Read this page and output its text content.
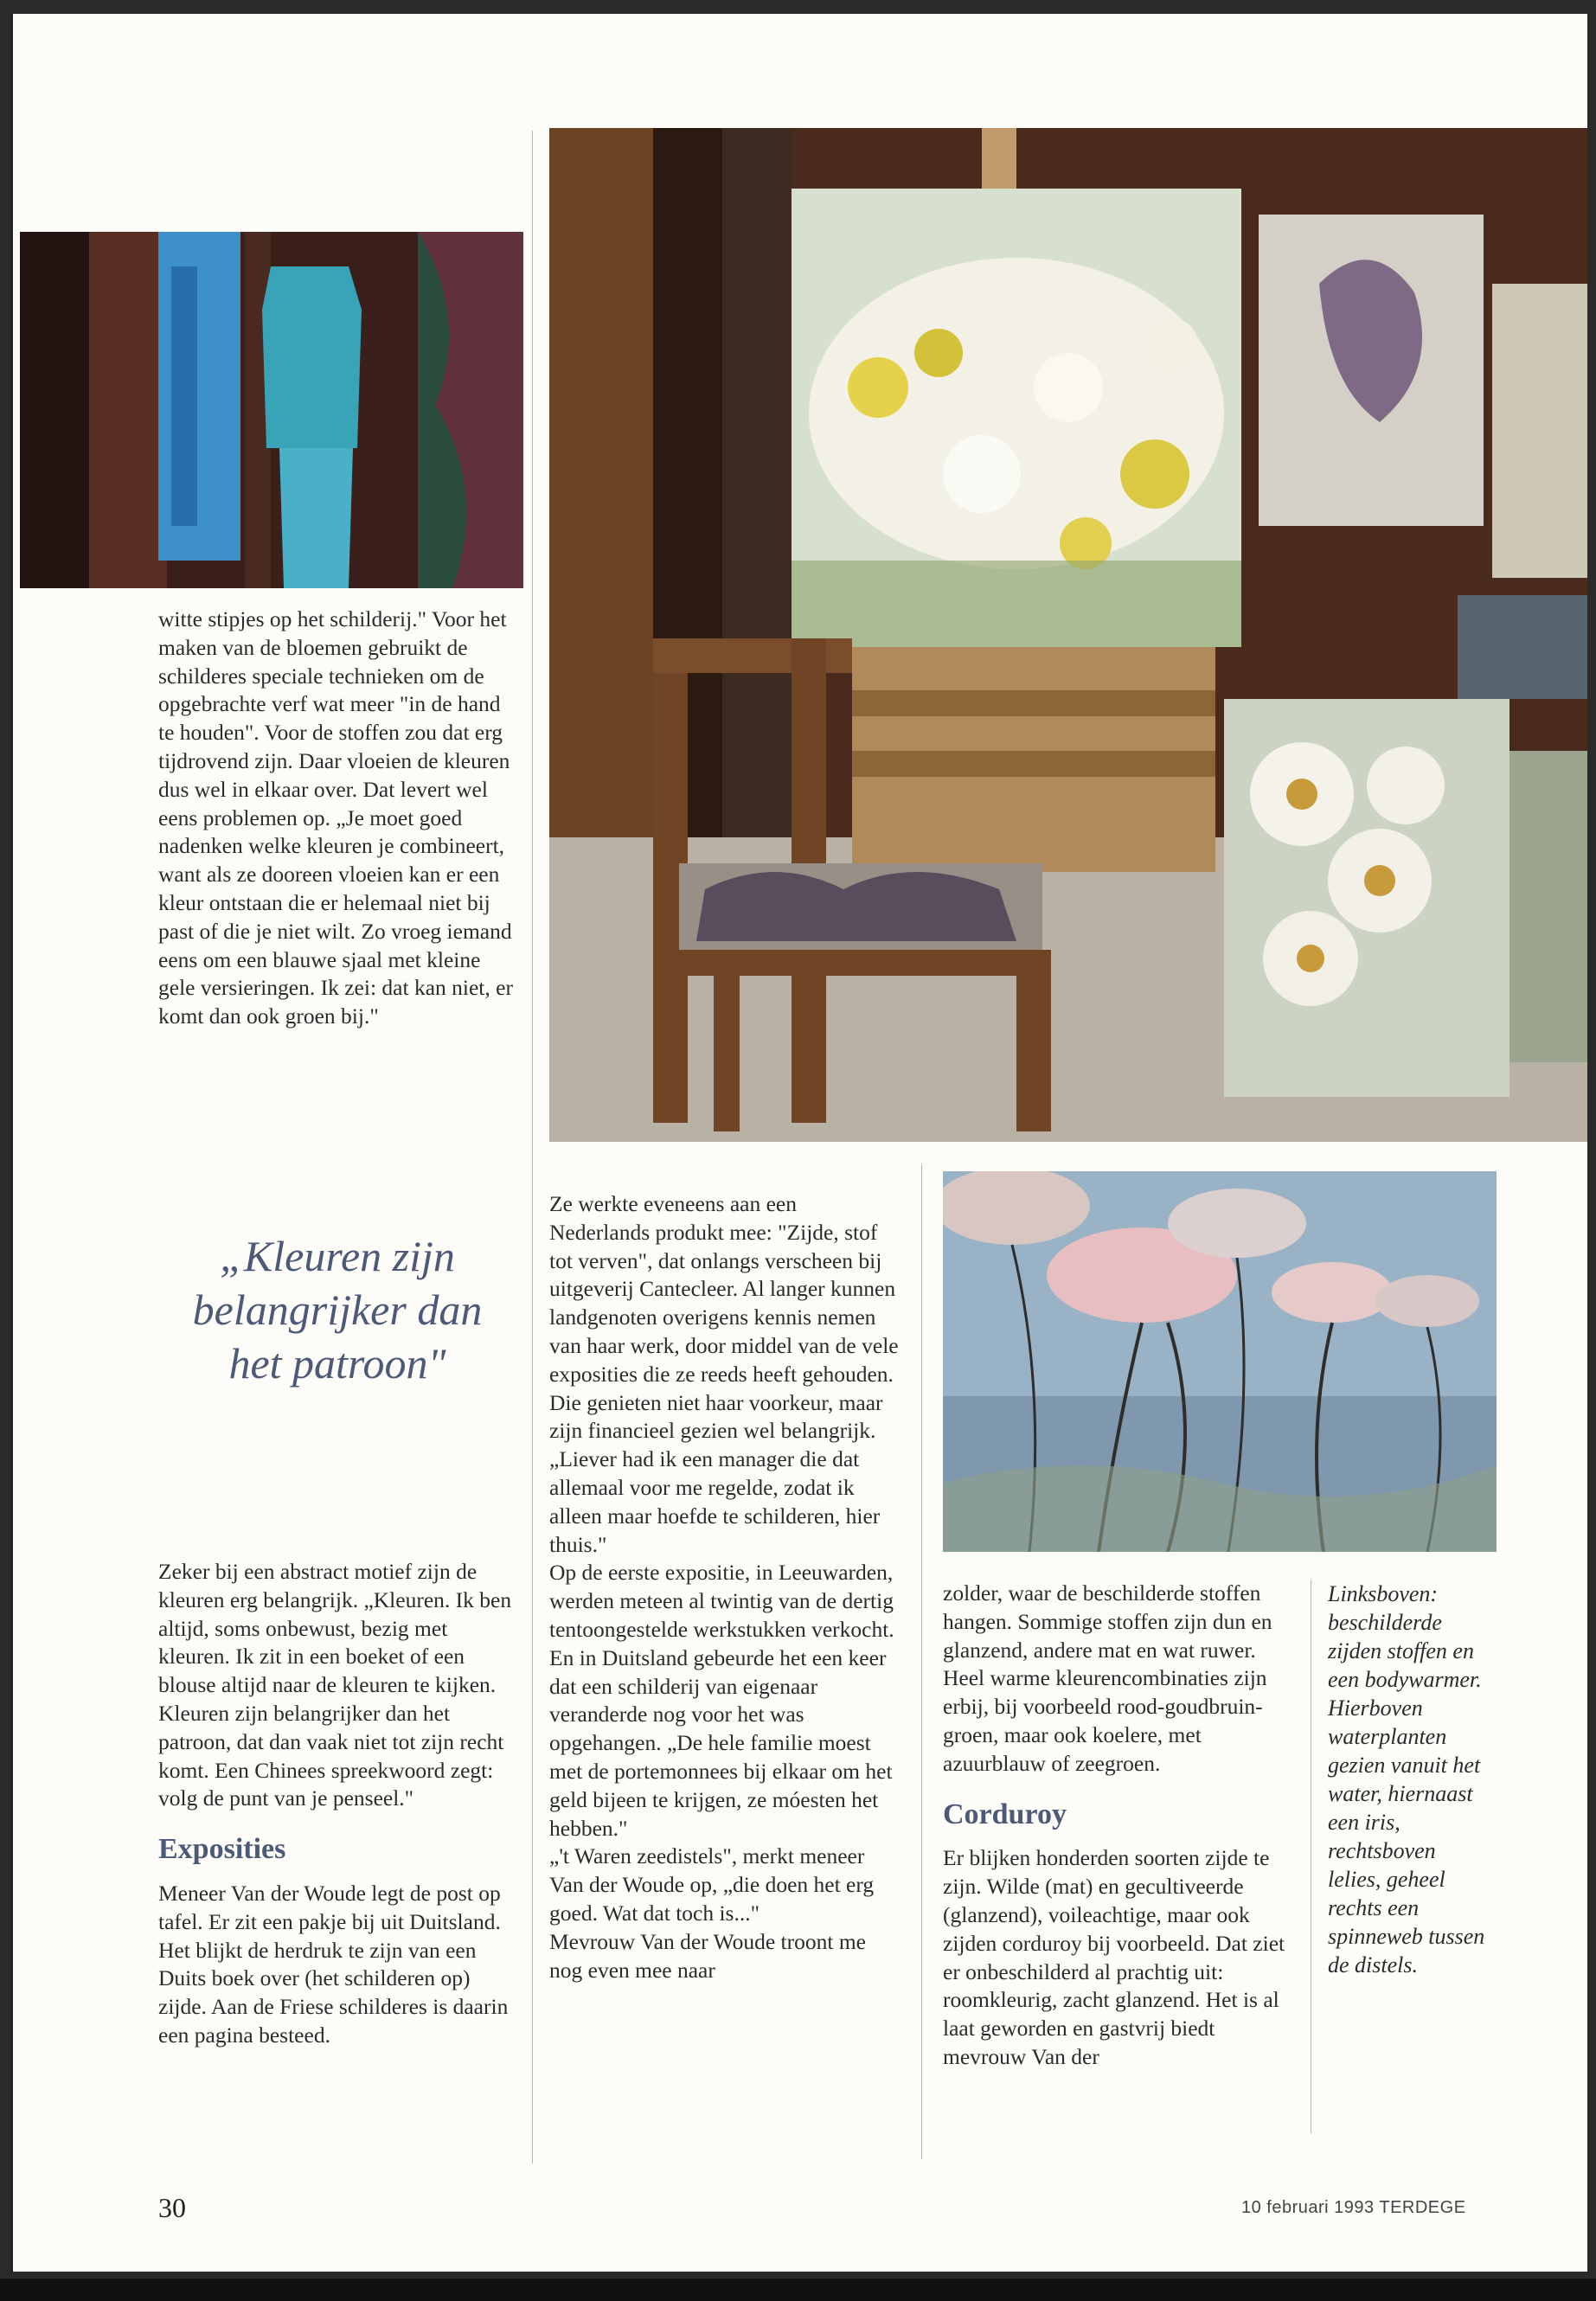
witte stipjes op het schilderij." Voor het maken van de bloemen gebruikt de schilderes speciale technieken om de opgebrachte verf wat meer "in de hand te houden". Voor de stoffen zou dat erg tijdrovend zijn. Daar vloeien de kleuren dus wel in elkaar over. Dat levert wel eens problemen op. „Je moet goed nadenken welke kleuren je combineert, want als ze dooreen vloeien kan er een kleur ontstaan die er helemaal niet bij past of die je niet wilt. Zo vroeg iemand eens om een blauwe sjaal met kleine gele versieringen. Ik zei: dat kan niet, er komt dan ook groen bij."

„Kleuren zijn belangrijker dan het patroon"

Zeker bij een abstract motief zijn de kleuren erg belangrijk. „Kleuren. Ik ben altijd, soms onbewust, bezig met kleuren. Ik zit in een boeket of een blouse altijd naar de kleuren te kijken. Kleuren zijn belangrijker dan het patroon, dat dan vaak niet tot zijn recht komt. Een Chinees spreekwoord zegt: volg de punt van je penseel."

Exposities

Meneer Van der Woude legt de post op tafel. Er zit een pakje bij uit Duitsland. Het blijkt de herdruk te zijn van een Duits boek over (het schilderen op) zijde. Aan de Friese schilderes is daarin een pagina besteed.

Ze werkte eveneens aan een Nederlands produkt mee: "Zijde, stof tot verven", dat onlangs verscheen bij uitgeverij Cantecleer. Al langer kunnen landgenoten overigens kennis nemen van haar werk, door middel van de vele exposities die ze reeds heeft gehouden. Die genieten niet haar voorkeur, maar zijn financieel gezien wel belangrijk. „Liever had ik een manager die dat allemaal voor me regelde, zodat ik alleen maar hoefde te schilderen, hier thuis."

Op de eerste expositie, in Leeuwarden, werden meteen al twintig van de dertig tentoongestelde werkstukken verkocht. En in Duitsland gebeurde het een keer dat een schilderij van eigenaar veranderde nog voor het was opgehangen. „De hele familie moest met de portemonnees bij elkaar om het geld bijeen te krijgen, ze móesten het hebben."

„'t Waren zeedistels", merkt meneer Van der Woude op, „die doen het erg goed. Wat dat toch is..."

Mevrouw Van der Woude troont me nog even mee naar

zolder, waar de beschilderde stoffen hangen. Sommige stoffen zijn dun en glanzend, andere mat en wat ruwer. Heel warme kleurencombinaties zijn erbij, bij voorbeeld rood-goudbruin-groen, maar ook koelere, met azuurblauw of zeegroen.

Corduroy

Er blijken honderden soorten zijde te zijn. Wilde (mat) en gecultiveerde (glanzend), voileachtige, maar ook zijden corduroy bij voorbeeld. Dat ziet er onbeschilderd al prachtig uit: roomkleurig, zacht glanzend. Het is al laat geworden en gastvrij biedt mevrouw Van der

Linksboven: beschilderde zijden stoffen en een bodywarmer. Hierboven waterplanten gezien vanuit het water, hiernaast een iris, rechtsboven lelies, geheel rechts een spinneweb tussen de distels.
30	10 februari 1993 TERDEGE
